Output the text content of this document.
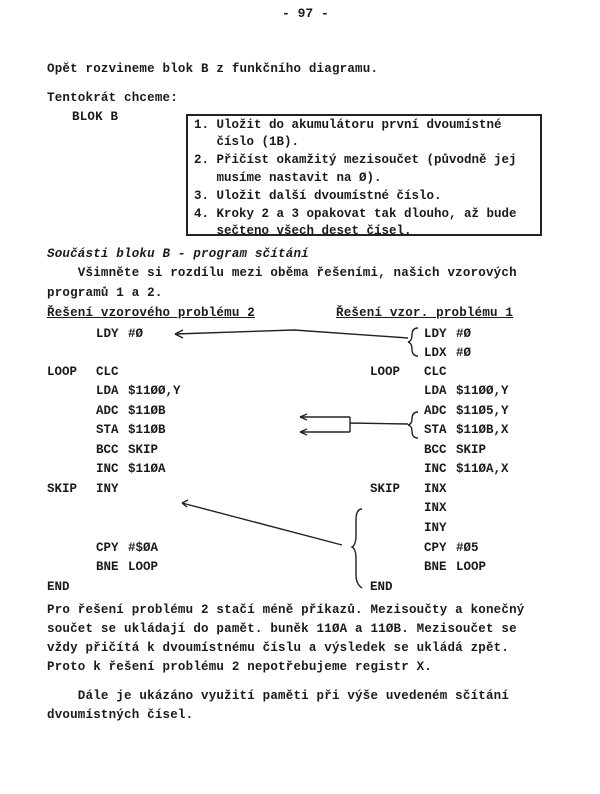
- 97 -
Opět rozvineme blok B z funkčního diagramu.
Tentokrát chceme:
BLOK B
1. Uložit do akumulátoru první dvoumístné
číslo (1B).
2. Přičíst okamžitý mezisoučet (původně jej
musíme nastavit na Ø).
3. Uložit další dvoumístné číslo.
4. Kroky 2 a 3 opakovat tak dlouho, až bude
sečteno všech deset čísel.
Součásti bloku B - program sčítání
Všimněte si rozdílu mezi oběma řešeními, našich vzorových
programů 1 a 2.
Řešení vzorového problému 2	Řešení vzor. problému 1
LDY #Ø
LOOP CLC
LDA $11ØØ,Y
ADC $11ØB
STA $11ØB
BCC SKIP
INC $11ØA
SKIP INY
CPY #$ØA
BNE LOOP
END
LDY #Ø
LDX #Ø
LOOP CLC
LDA $11ØØ,Y
ADC $11Ø5,Y
STA $11ØB,X
BCC SKIP
INC $11ØA,X
SKIP INX
INX
INY
CPY #Ø5
BNE LOOP
END
Pro řešení problému 2 stačí méně příkazů. Mezisoučty a konečný
součet se ukládají do pamět. buněk 11ØA a 11ØB. Mezisoučet se
vždy přičítá k dvoumístnému číslu a výsledek se ukládá zpět.
Proto k řešení problému 2 nepotřebujeme registr X.
Dále je ukázáno využití paměti při výše uvedeném sčítání
dvoumístných čísel.
